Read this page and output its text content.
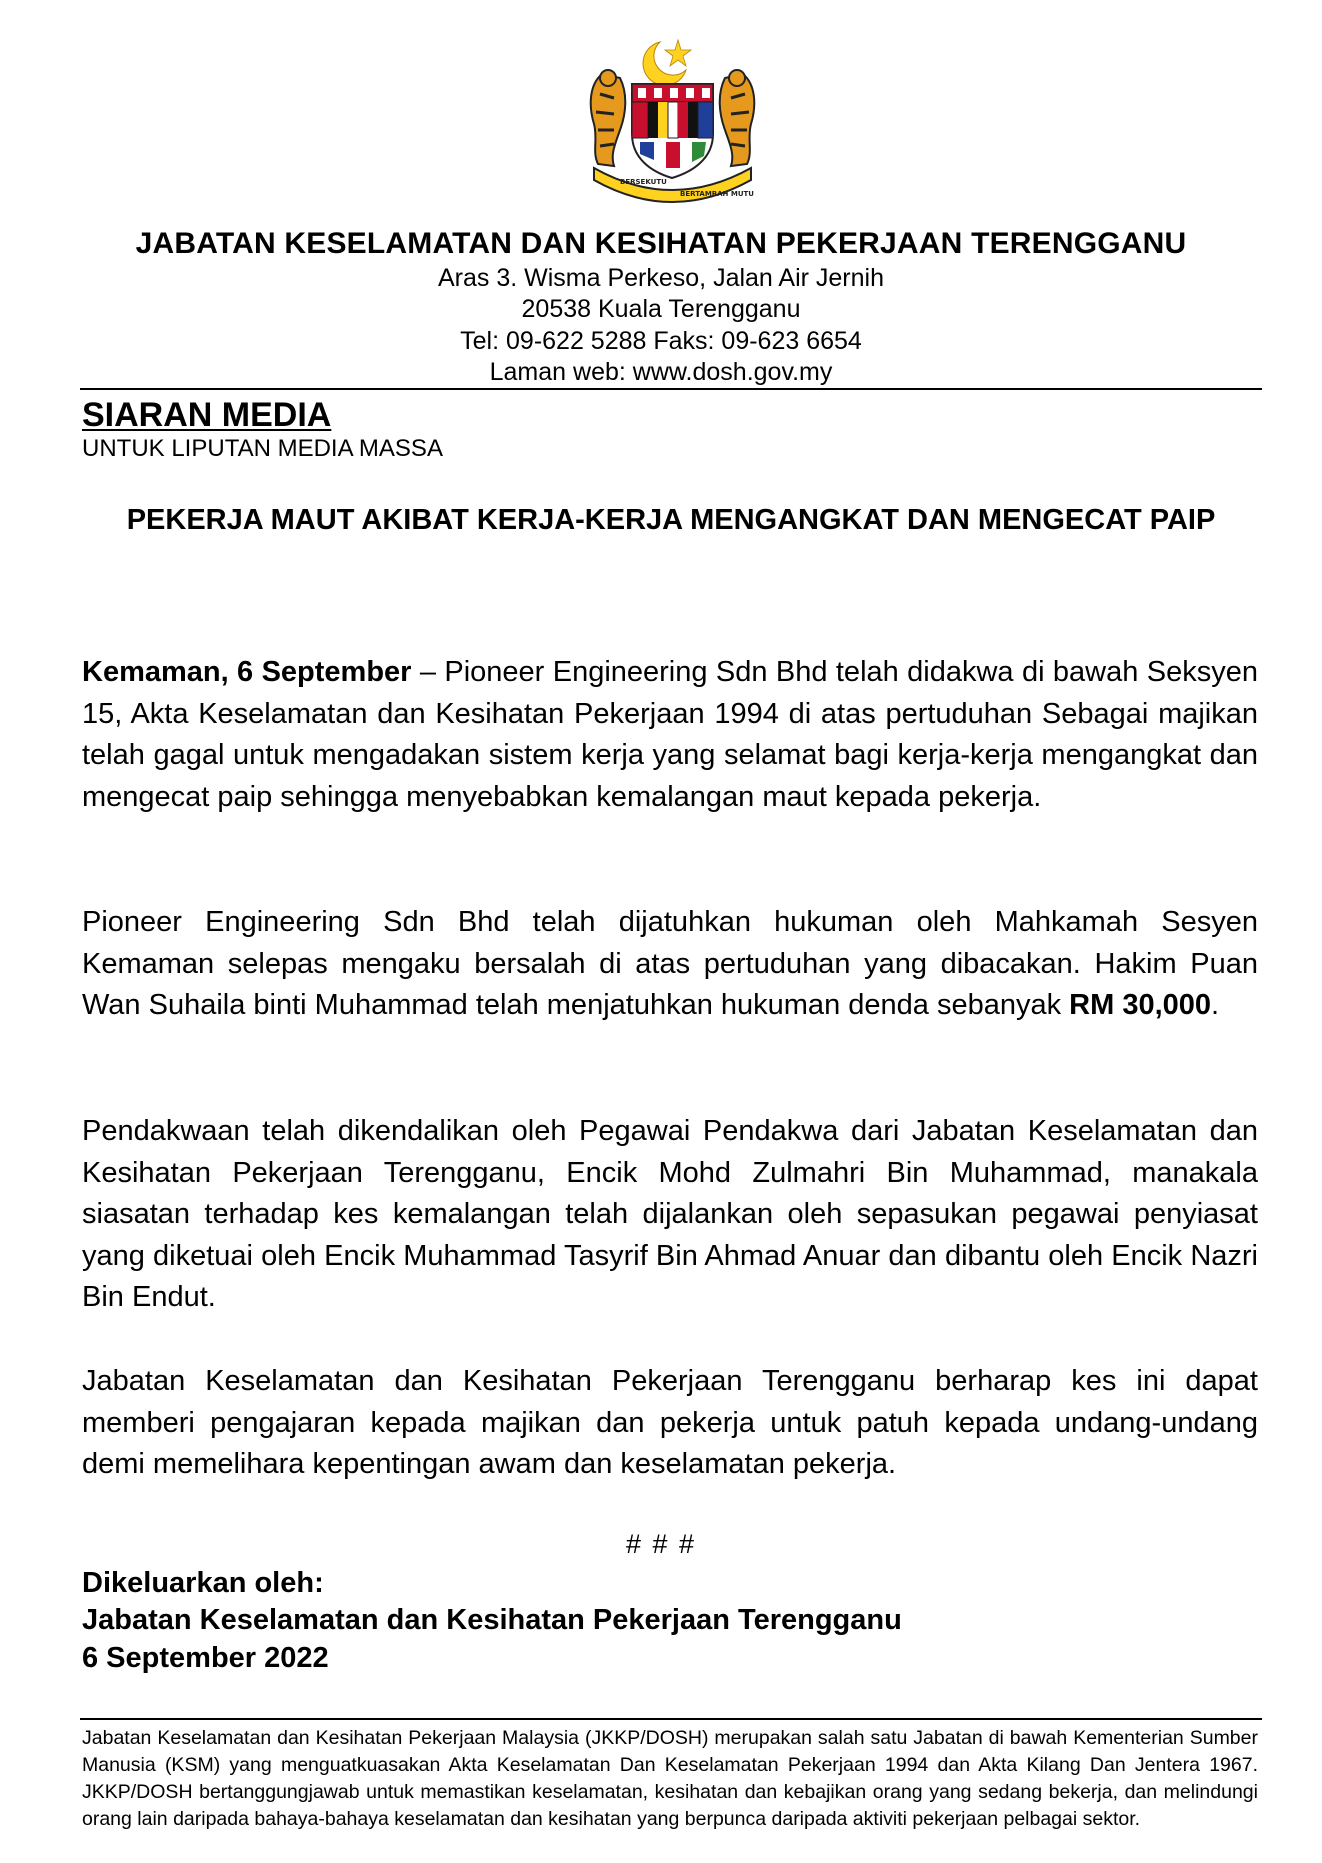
BERSEKUTU
BERTAMBAH MUTU
JABATAN KESELAMATAN DAN KESIHATAN PEKERJAAN TERENGGANU
Aras 3. Wisma Perkeso, Jalan Air Jernih
20538 Kuala Terengganu
Tel: 09-622 5288 Faks: 09-623 6654
Laman web: www.dosh.gov.my
SIARAN MEDIA
UNTUK LIPUTAN MEDIA MASSA
PEKERJA MAUT AKIBAT KERJA-KERJA MENGANGKAT DAN MENGECAT PAIP
Kemaman, 6 September – Pioneer Engineering Sdn Bhd telah didakwa di bawah Seksyen 15, Akta Keselamatan dan Kesihatan Pekerjaan 1994 di atas pertuduhan Sebagai majikan telah gagal untuk mengadakan sistem kerja yang selamat bagi kerja-kerja mengangkat dan mengecat paip sehingga menyebabkan kemalangan maut kepada pekerja.
Pioneer Engineering Sdn Bhd telah dijatuhkan hukuman oleh Mahkamah Sesyen Kemaman selepas mengaku bersalah di atas pertuduhan yang dibacakan. Hakim Puan Wan Suhaila binti Muhammad telah menjatuhkan hukuman denda sebanyak RM 30,000.
Pendakwaan telah dikendalikan oleh Pegawai Pendakwa dari Jabatan Keselamatan dan Kesihatan Pekerjaan Terengganu, Encik Mohd Zulmahri Bin Muhammad, manakala siasatan terhadap kes kemalangan telah dijalankan oleh sepasukan pegawai penyiasat yang diketuai oleh Encik Muhammad Tasyrif Bin Ahmad Anuar dan dibantu oleh Encik Nazri Bin Endut.
Jabatan Keselamatan dan Kesihatan Pekerjaan Terengganu berharap kes ini dapat memberi pengajaran kepada majikan dan pekerja untuk patuh kepada undang-undang demi memelihara kepentingan awam dan keselamatan pekerja.
# # #
Dikeluarkan oleh:
Jabatan Keselamatan dan Kesihatan Pekerjaan Terengganu
6 September 2022
Jabatan Keselamatan dan Kesihatan Pekerjaan Malaysia (JKKP/DOSH) merupakan salah satu Jabatan di bawah Kementerian Sumber Manusia (KSM) yang menguatkuasakan Akta Keselamatan Dan Keselamatan Pekerjaan 1994 dan Akta Kilang Dan Jentera 1967. JKKP/DOSH bertanggungjawab untuk memastikan keselamatan, kesihatan dan kebajikan orang yang sedang bekerja, dan melindungi orang lain daripada bahaya-bahaya keselamatan dan kesihatan yang berpunca daripada aktiviti pekerjaan pelbagai sektor.
